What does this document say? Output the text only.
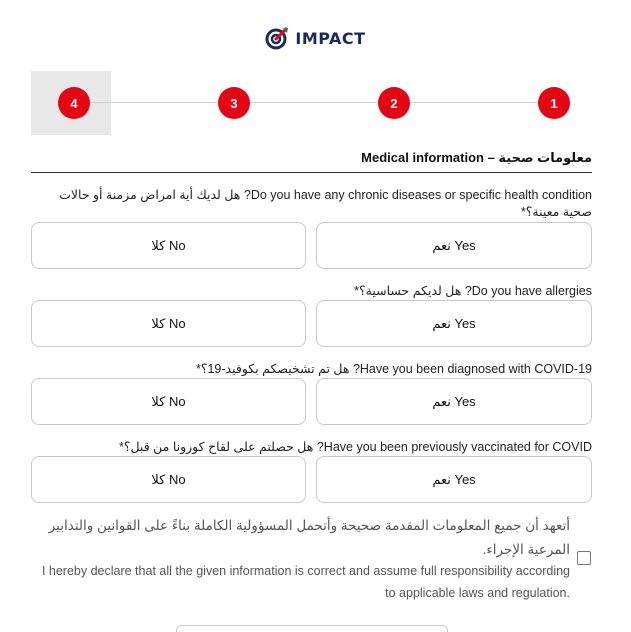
IMPACT
4	3	2	1
Medical information – معلومات صحية
Do you have any chronic diseases or specific health condition? هل لديك أية امراض مزمنة أو حالات صحية معينة؟*
نعم Yes
كلا No
Do you have allergies? هل لديكم حساسية؟*
نعم Yes
كلا No
Have you been diagnosed with COVID-19? هل تم تشخيصكم بكوفيد-19؟*
نعم Yes
كلا No
Have you been previously vaccinated for COVID? هل حصلتم على لقاح كورونا من قبل؟*
نعم Yes
كلا No
أتعهد أن جميع المعلومات المقدمة صحيحة وأتحمل المسؤولية الكاملة بناءً على القوانين والتدابير المرعية الإجراء.
I hereby declare that all the given information is correct and assume full responsibility according to applicable laws and regulation.
